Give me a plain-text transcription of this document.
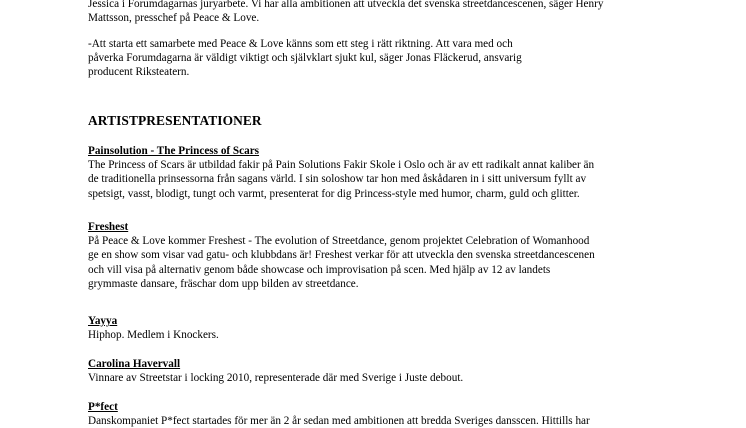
Jessica i Forumdagarnas juryarbete. Vi har alla ambitionen att utveckla det svenska streetdancescenen, säger Henry

Mattsson, presschef på Peace & Love.

-Att starta ett samarbete med Peace & Love känns som ett steg i rätt riktning. Att vara med och

påverka Forumdagarna är väldigt viktigt och självklart sjukt kul, säger Jonas Fläckerud, ansvarig

producent Riksteatern.

ARTISTPRESENTATIONER

Painsolution - The Princess of Scars

The Princess of Scars är utbildad fakir på Pain Solutions Fakir Skole i Oslo och är av ett radikalt annat kaliber än

de traditionella prinsessorna från sagans värld. I sin soloshow tar hon med åskådaren in i sitt universum fyllt av

spetsigt, vasst, blodigt, tungt och varmt, presenterat for dig Princess-style med humor, charm, guld och glitter.

Freshest

På Peace & Love kommer Freshest - The evolution of Streetdance, genom projektet Celebration of Womanhood

ge en show som visar vad gatu- och klubbdans är! Freshest verkar för att utveckla den svenska streetdancescenen

och vill visa på alternativ genom både showcase och improvisation på scen. Med hjälp av 12 av landets

grymmaste dansare, fräschar dom upp bilden av streetdance.

Yayya

Hiphop. Medlem i Knockers.

Carolina Havervall

Vinnare av Streetstar i locking 2010, representerade där med Sverige i Juste debout.

P*fect

Danskompaniet P*fect startades för mer än 2 år sedan med ambitionen att bredda Sveriges dansscen. Hittills har
